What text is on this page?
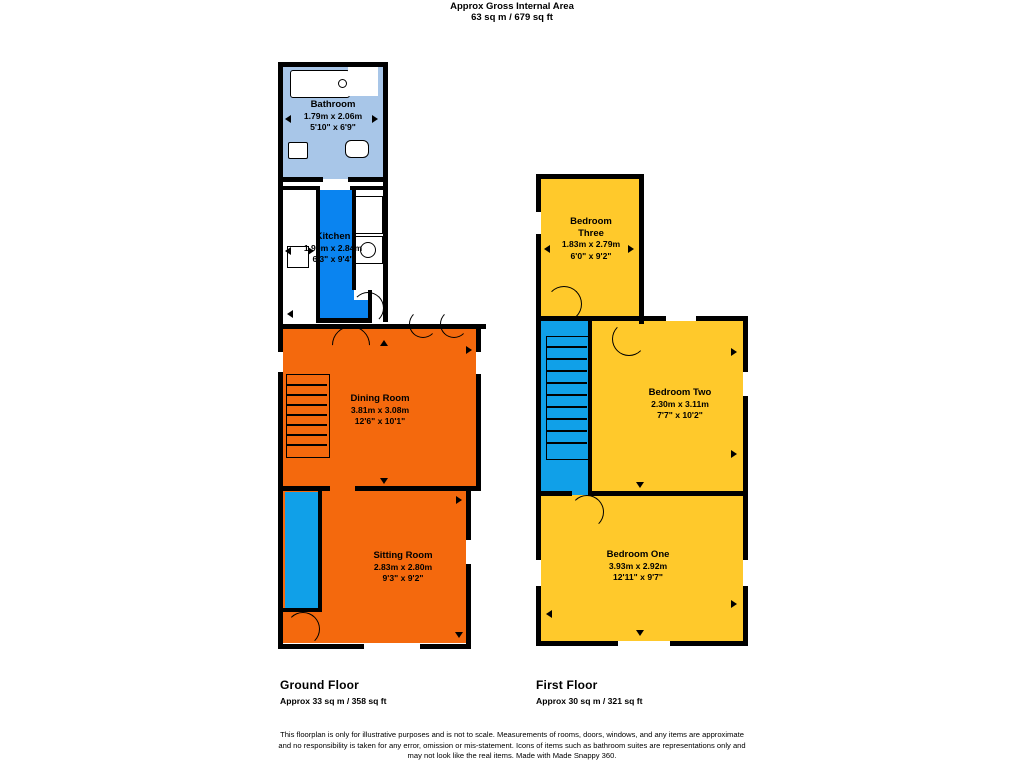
Approx Gross Internal Area
63 sq m / 679 sq ft
Bathroom
1.79m x 2.06m
5'10" x 6'9"
Kitchen
1.90m x 2.84m
6'3" x 9'4"
Dining Room
3.81m x 3.08m
12'6" x 10'1"
Sitting Room
2.83m x 2.80m
9'3" x 9'2"
Bedroom
Three
1.83m x 2.79m
6'0" x 9'2"
Bedroom Two
2.30m x 3.11m
7'7" x 10'2"
Bedroom One
3.93m x 2.92m
12'11" x 9'7"
Ground Floor
Approx 33 sq m / 358 sq ft
First Floor
Approx 30 sq m / 321 sq ft
This floorplan is only for illustrative purposes and is not to scale. Measurements of rooms, doors, windows, and any items are approximate
and no responsibility is taken for any error, omission or mis-statement. Icons of items such as bathroom suites are representations only and
may not look like the real items. Made with Made Snappy 360.
